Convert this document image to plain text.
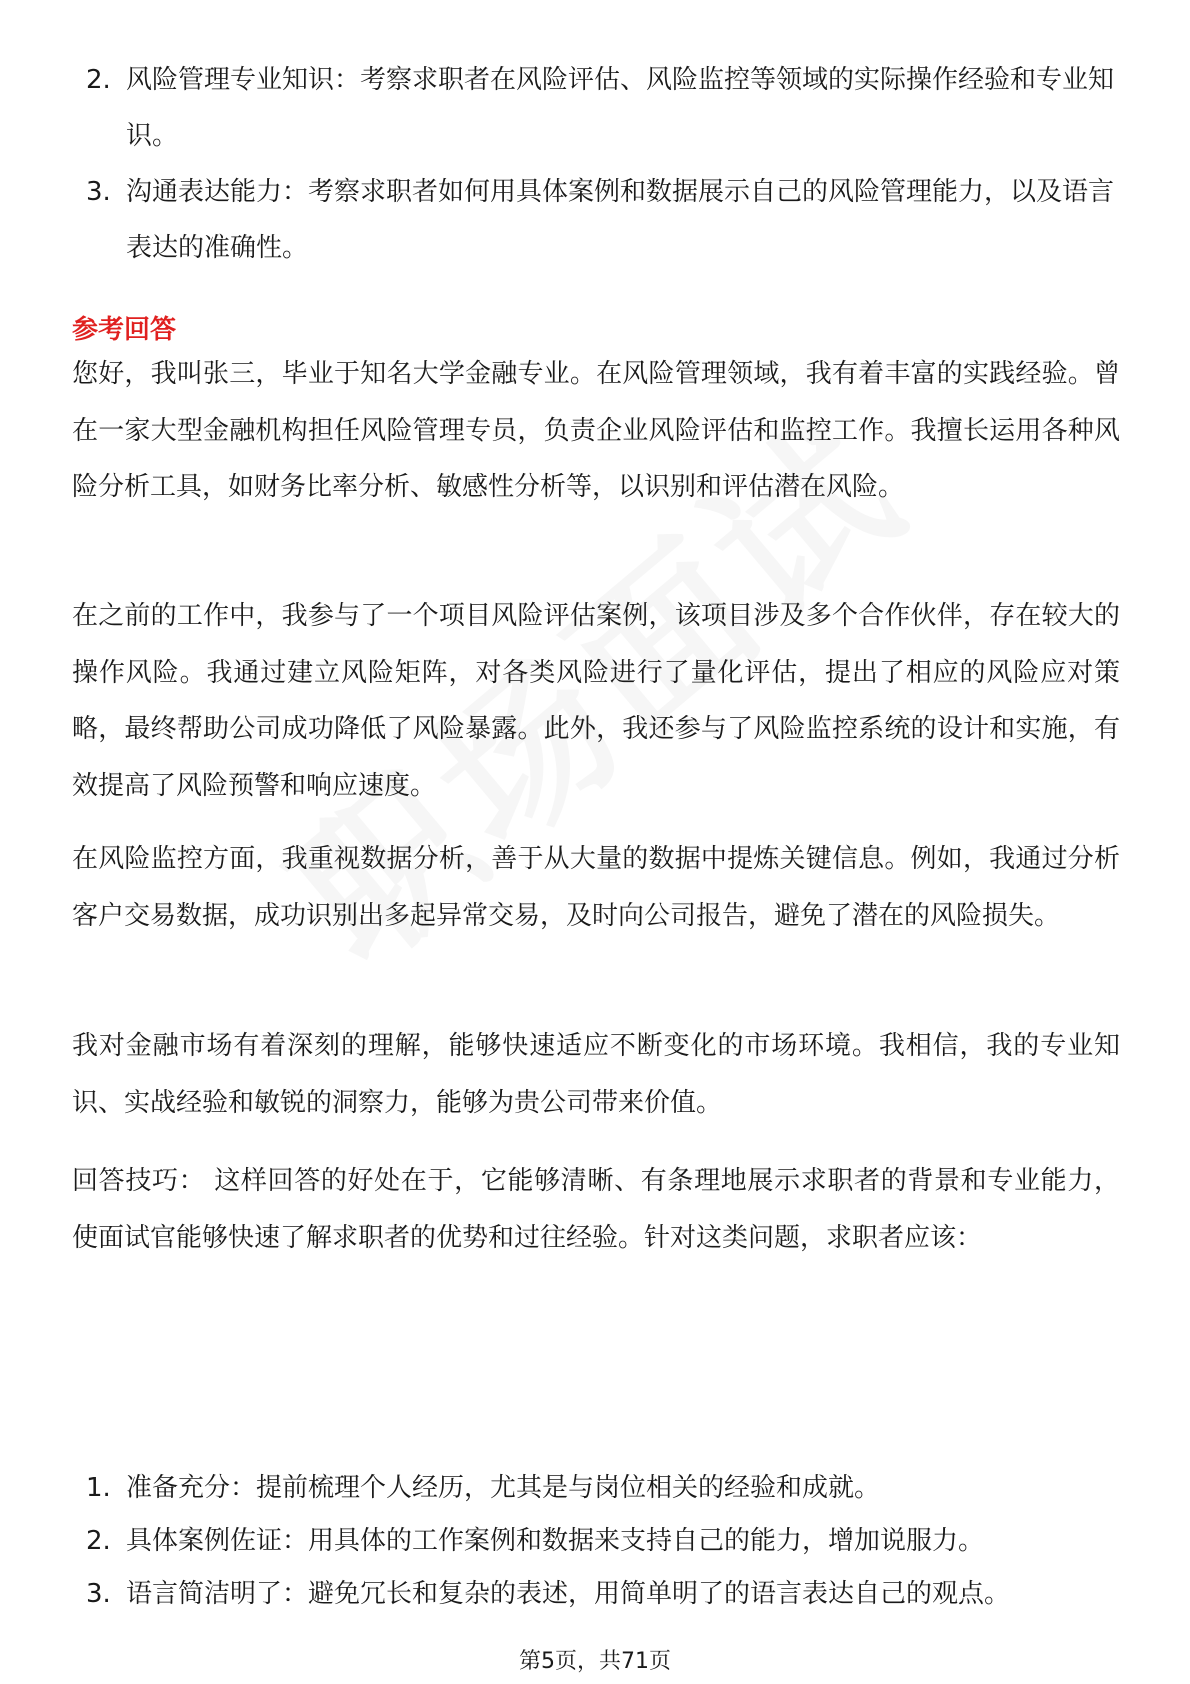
2. 风险管理专业知识：考察求职者在风险评估、风险监控等领域的实际操作经验和专业知识。
3. 沟通表达能力：考察求职者如何用具体案例和数据展示自己的风险管理能力，以及语言表达的准确性。
参考回答

您好，我叫张三，毕业于知名大学金融专业。在风险管理领域，我有着丰富的实践经验。曾在一家大型金融机构担任风险管理专员，负责企业风险评估和监控工作。我擅长运用各种风险分析工具，如财务比率分析、敏感性分析等，以识别和评估潜在风险。

在之前的工作中，我参与了一个项目风险评估案例，该项目涉及多个合作伙伴，存在较大的操作风险。我通过建立风险矩阵，对各类风险进行了量化评估，提出了相应的风险应对策略，最终帮助公司成功降低了风险暴露。此外，我还参与了风险监控系统的设计和实施，有效提高了风险预警和响应速度。

在风险监控方面，我重视数据分析，善于从大量的数据中提炼关键信息。例如，我通过分析客户交易数据，成功识别出多起异常交易，及时向公司报告，避免了潜在的风险损失。

我对金融市场有着深刻的理解，能够快速适应不断变化的市场环境。我相信，我的专业知识、实战经验和敏锐的洞察力，能够为贵公司带来价值。

回答技巧： 这样回答的好处在于，它能够清晰、有条理地展示求职者的背景和专业能力，使面试官能够快速了解求职者的优势和过往经验。针对这类问题，求职者应该：

1. 准备充分：提前梳理个人经历，尤其是与岗位相关的经验和成就。
2. 具体案例佐证：用具体的工作案例和数据来支持自己的能力，增加说服力。
3. 语言简洁明了：避免冗长和复杂的表述，用简单明了的语言表达自己的观点。
第5页，共71页
